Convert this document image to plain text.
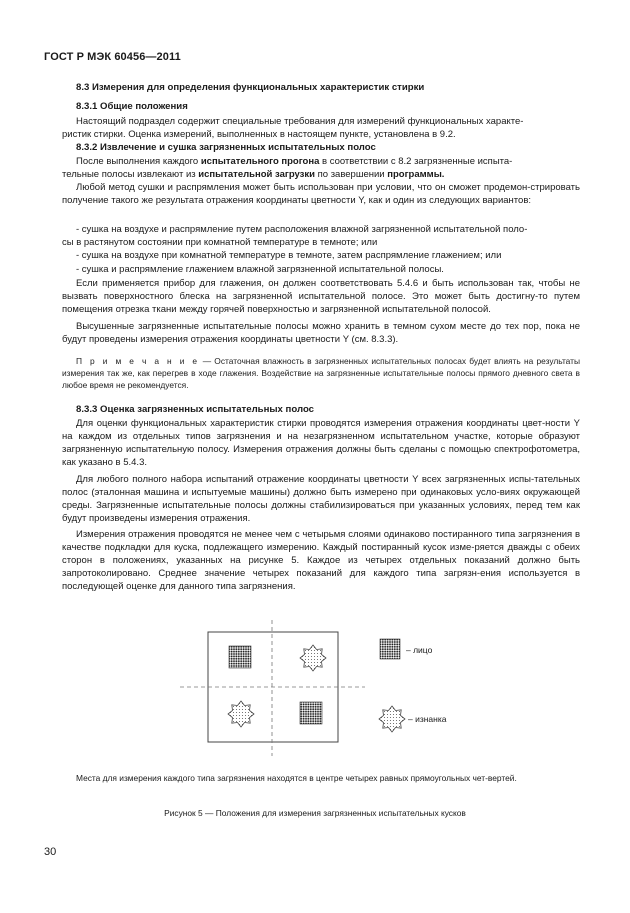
ГОСТ Р МЭК 60456—2011
8.3 Измерения для определения функциональных характеристик стирки
8.3.1 Общие положения
Настоящий подраздел содержит специальные требования для измерений функциональных характе-
ристик стирки. Оценка измерений, выполненных в настоящем пункте, установлена в 9.2.
8.3.2 Извлечение и сушка загрязненных испытательных полос
После выполнения каждого испытательного прогона в соответствии с 8.2 загрязненные испыта-
тельные полосы извлекают из испытательной загрузки по завершении программы.
Любой метод сушки и распрямления может быть использован при условии, что он сможет продемон-стрировать получение такого же результата отражения координаты цветности Y, как и один из следующих вариантов:
- сушка на воздухе и распрямление путем расположения влажной загрязненной испытательной поло-
сы в растянутом состоянии при комнатной температуре в темноте; или
- сушка на воздухе при комнатной температуре в темноте, затем распрямление глажением; или
- сушка и распрямление глажением влажной загрязненной испытательной полосы.
Если применяется прибор для глажения, он должен соответствовать 5.4.6 и быть использован так, чтобы не вызвать поверхностного блеска на загрязненной испытательной полосе. Это может быть достигну-то путем помещения отрезка ткани между горячей поверхностью и загрязненной испытательной полосой.
Высушенные загрязненные испытательные полосы можно хранить в темном сухом месте до тех пор, пока не будут проведены измерения отражения координаты цветности Y (см. 8.3.3).
П р и м е ч а н и е — Остаточная влажность в загрязненных испытательных полосах будет влиять на результаты измерения так же, как перегрев в ходе глажения. Воздействие на загрязненные испытательные полосы прямого дневного света в любое время не рекомендуется.
8.3.3 Оценка загрязненных испытательных полос
Для оценки функциональных характеристик стирки проводятся измерения отражения координаты цвет-ности Y на каждом из отдельных типов загрязнения и на незагрязненном испытательном участке, которые образуют загрязненную испытательную полосу. Измерения отражения должны быть сделаны с помощью спектрофотометра, как указано в 5.4.3.
Для любого полного набора испытаний отражение координаты цветности Y всех загрязненных испы-тательных полос (эталонная машина и испытуемые машины) должно быть измерено при одинаковых усло-виях окружающей среды. Загрязненные испытательные полосы должны стабилизироваться при указанных условиях, перед тем как будут произведены измерения отражения.
Измерения отражения проводятся не менее чем с четырьмя слоями одинаково постиранного типа загрязнения в качестве подкладки для куска, подлежащего измерению. Каждый постиранный кусок изме-ряется дважды с обеих сторон в положениях, указанных на рисунке 5. Каждое из четырех отдельных показаний должно быть запротоколировано. Среднее значение четырех показаний для каждого типа загрязн-ения используется в последующей оценке для данного типа загрязнения.
– лицо
– изнанка
Места для измерения каждого типа загрязнения находятся в центре четырех равных прямоугольных чет-вертей.
Рисунок 5 — Положения для измерения загрязненных испытательных кусков
30
